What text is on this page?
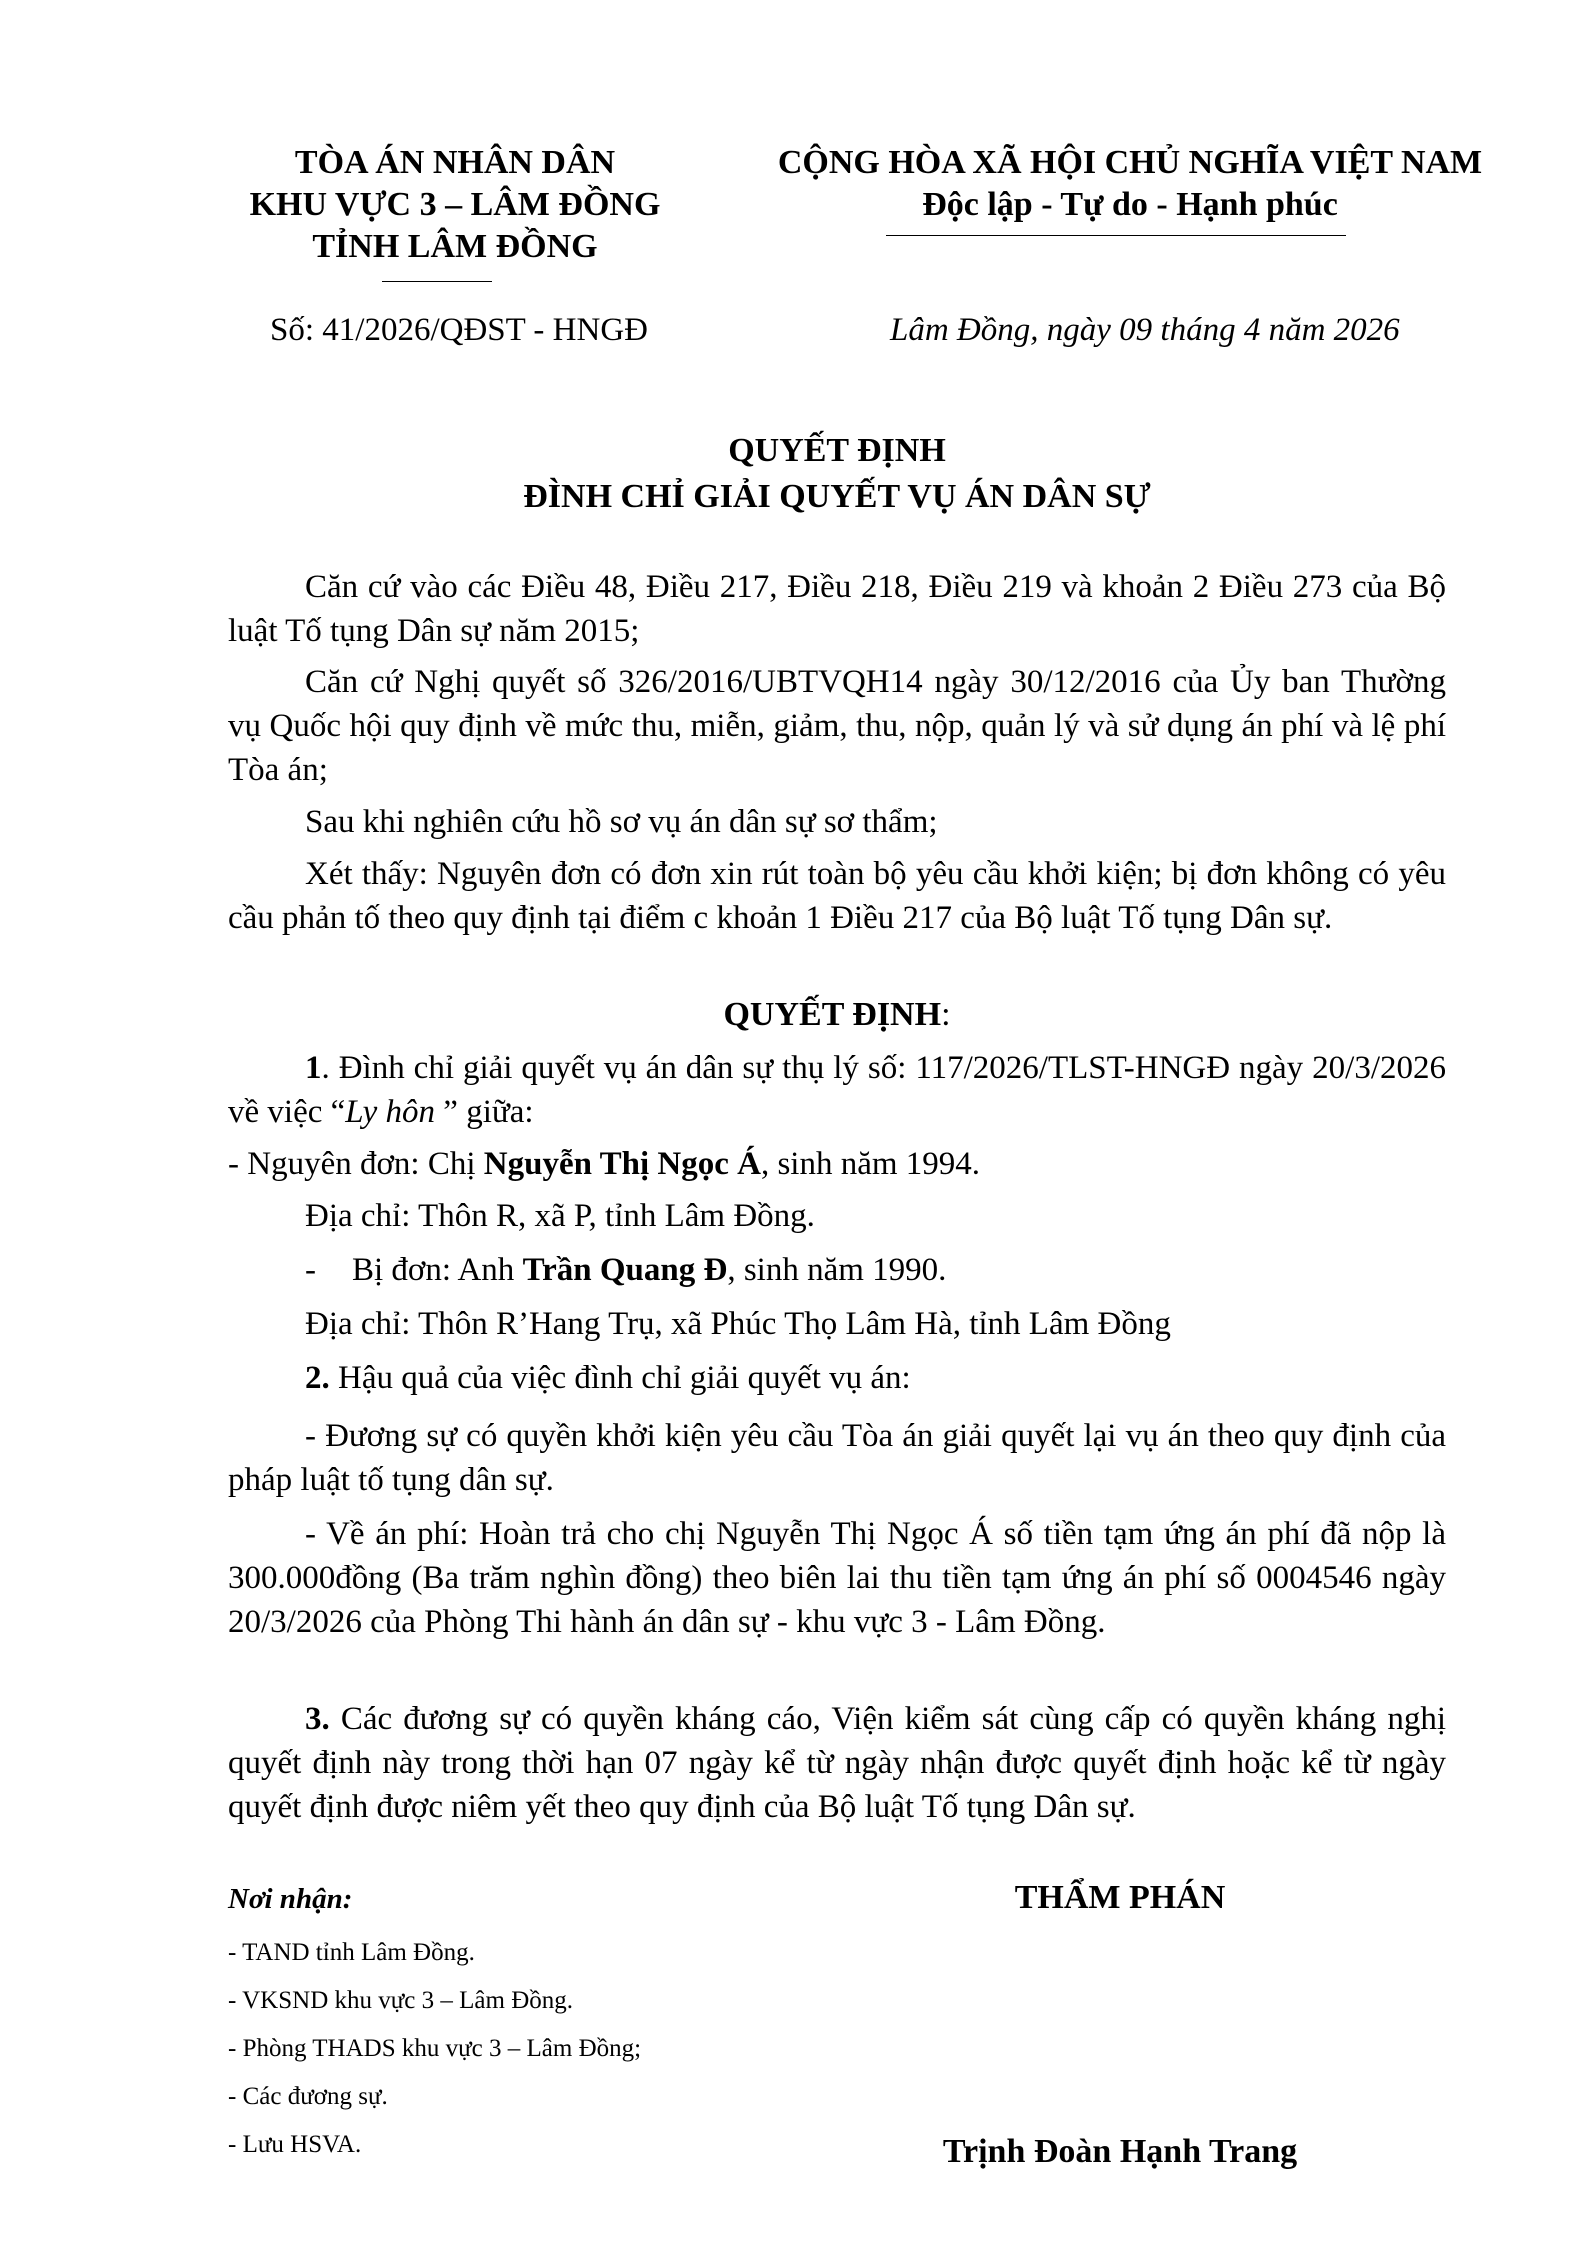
TÒA ÁN NHÂN DÂN
KHU VỰC 3 – LÂM ĐỒNG
TỈNH LÂM ĐỒNG
CỘNG HÒA XÃ HỘI CHỦ NGHĨA VIỆT NAM
Độc lập - Tự do - Hạnh phúc
Số: 41/2026/QĐST - HNGĐ	Lâm Đồng, ngày 09 tháng 4 năm 2026
QUYẾT ĐỊNH
ĐÌNH CHỈ GIẢI QUYẾT VỤ ÁN DÂN SỰ
Căn cứ vào các Điều 48, Điều 217, Điều 218, Điều 219 và khoản 2 Điều 273 của Bộ luật Tố tụng Dân sự năm 2015;
Căn cứ Nghị quyết số 326/2016/UBTVQH14 ngày 30/12/2016 của Ủy ban Thường vụ Quốc hội quy định về mức thu, miễn, giảm, thu, nộp, quản lý và sử dụng án phí và lệ phí Tòa án;
Sau khi nghiên cứu hồ sơ vụ án dân sự sơ thẩm;
Xét thấy: Nguyên đơn có đơn xin rút toàn bộ yêu cầu khởi kiện; bị đơn không có yêu cầu phản tố theo quy định tại điểm c khoản 1 Điều 217 của Bộ luật Tố tụng Dân sự.
QUYẾT ĐỊNH:
1. Đình chỉ giải quyết vụ án dân sự thụ lý số: 117/2026/TLST-HNGĐ ngày 20/3/2026 về việc “Ly hôn ” giữa:
- Nguyên đơn: Chị Nguyễn Thị Ngọc Á, sinh năm 1994.
Địa chỉ: Thôn R, xã P, tỉnh Lâm Đồng.
- Bị đơn: Anh Trần Quang Đ, sinh năm 1990.
Địa chỉ: Thôn R’Hang Trụ, xã Phúc Thọ Lâm Hà, tỉnh Lâm Đồng
2. Hậu quả của việc đình chỉ giải quyết vụ án:
- Đương sự có quyền khởi kiện yêu cầu Tòa án giải quyết lại vụ án theo quy định của pháp luật tố tụng dân sự.
- Về án phí: Hoàn trả cho chị Nguyễn Thị Ngọc Á số tiền tạm ứng án phí đã nộp là 300.000đồng (Ba trăm nghìn đồng) theo biên lai thu tiền tạm ứng án phí số 0004546 ngày 20/3/2026 của Phòng Thi hành án dân sự - khu vực 3 - Lâm Đồng.
3. Các đương sự có quyền kháng cáo, Viện kiểm sát cùng cấp có quyền kháng nghị quyết định này trong thời hạn 07 ngày kể từ ngày nhận được quyết định hoặc kể từ ngày quyết định được niêm yết theo quy định của Bộ luật Tố tụng Dân sự.
Nơi nhận:
- TAND tỉnh Lâm Đồng.
- VKSND khu vực 3 – Lâm Đồng.
- Phòng THADS khu vực 3 – Lâm Đồng;
- Các đương sự.
- Lưu HSVA.
THẨM PHÁN
Trịnh Đoàn Hạnh Trang
